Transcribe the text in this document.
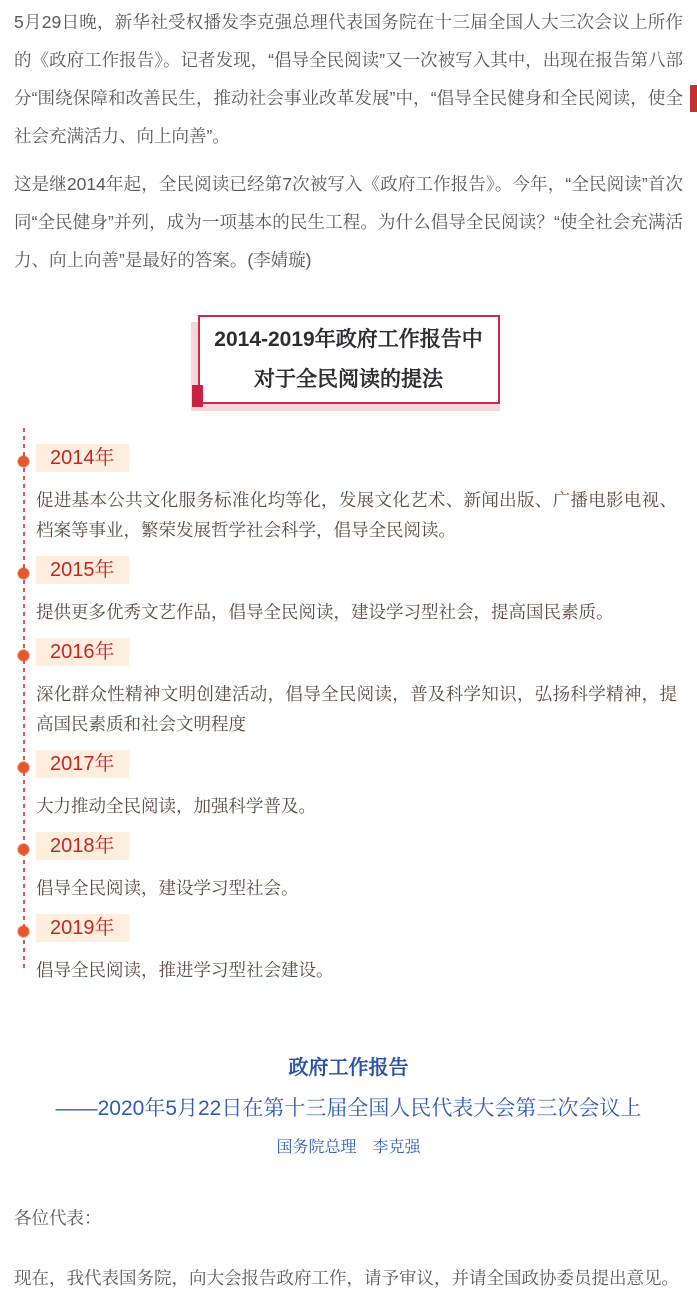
5月29日晚，新华社受权播发李克强总理代表国务院在十三届全国人大三次会议上所作的《政府工作报告》。记者发现，“倡导全民阅读”又一次被写入其中，出现在报告第八部分“围绕保障和改善民生，推动社会事业改革发展”中，“倡导全民健身和全民阅读，使全社会充满活力、向上向善”。

这是继2014年起，全民阅读已经第7次被写入《政府工作报告》。今年，“全民阅读”首次同“全民健身”并列，成为一项基本的民生工程。为什么倡导全民阅读？“使全社会充满活力、向上向善”是最好的答案。(李婧璇)

2014-2019年政府工作报告中
对于全民阅读的提法
2014年

促进基本公共文化服务标准化均等化，发展文化艺术、新闻出版、广播电影电视、档案等事业，繁荣发展哲学社会科学，倡导全民阅读。

2015年

提供更多优秀文艺作品，倡导全民阅读，建设学习型社会，提高国民素质。

2016年

深化群众性精神文明创建活动，倡导全民阅读，普及科学知识，弘扬科学精神，提高国民素质和社会文明程度

2017年

大力推动全民阅读，加强科学普及。

2018年

倡导全民阅读，建设学习型社会。

2019年

倡导全民阅读，推进学习型社会建设。

政府工作报告
——2020年5月22日在第十三届全国人民代表大会第三次会议上
国务院总理　李克强

各位代表：

现在，我代表国务院，向大会报告政府工作，请予审议，并请全国政协委员提出意见。
